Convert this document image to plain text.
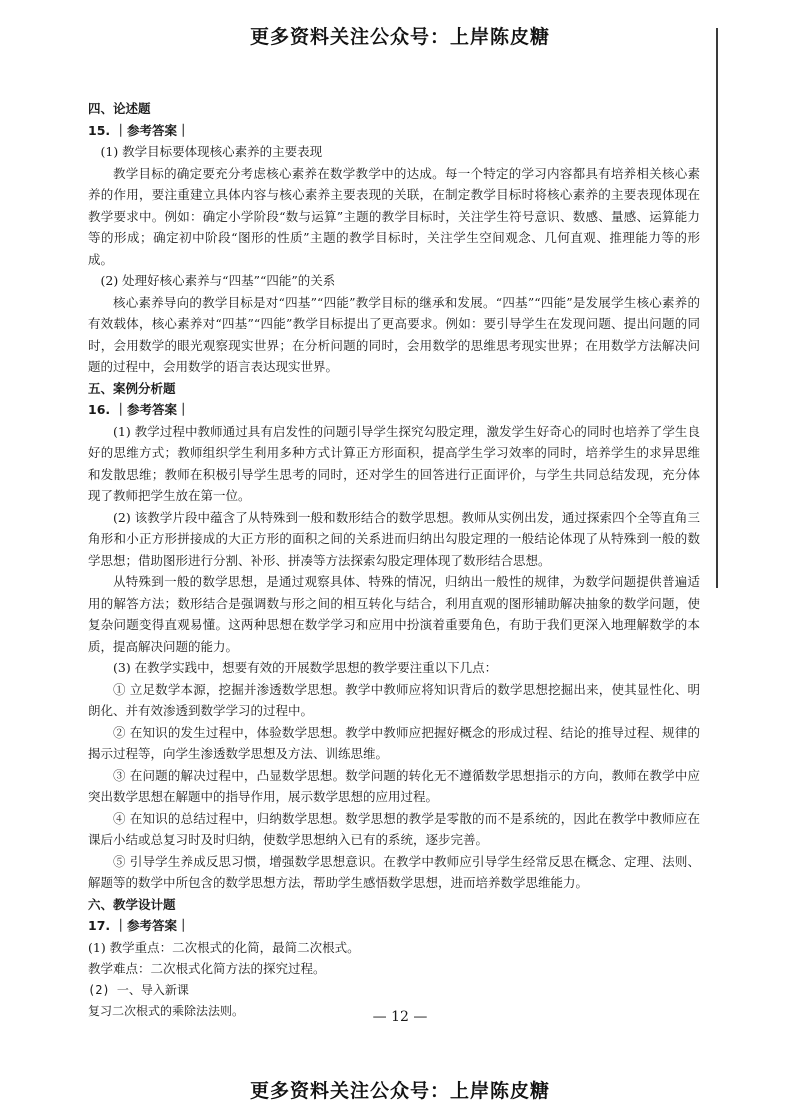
更多资料关注公众号：上岸陈皮糖

四、论述题

15. ｜参考答案｜

(1) 教学目标要体现核心素养的主要表现

教学目标的确定要充分考虑核心素养在数学教学中的达成。每一个特定的学习内容都具有培养相关核心素养的作用，要注重建立具体内容与核心素养主要表现的关联，在制定教学目标时将核心素养的主要表现体现在教学要求中。例如：确定小学阶段“数与运算”主题的教学目标时，关注学生符号意识、数感、量感、运算能力等的形成；确定初中阶段“图形的性质”主题的教学目标时，关注学生空间观念、几何直观、推理能力等的形成。

(2) 处理好核心素养与“四基”“四能”的关系

核心素养导向的教学目标是对“四基”“四能”教学目标的继承和发展。“四基”“四能”是发展学生核心素养的有效载体，核心素养对“四基”“四能”教学目标提出了更高要求。例如：要引导学生在发现问题、提出问题的同时，会用数学的眼光观察现实世界；在分析问题的同时，会用数学的思维思考现实世界；在用数学方法解决问题的过程中，会用数学的语言表达现实世界。

五、案例分析题

16. ｜参考答案｜

(1) 教学过程中教师通过具有启发性的问题引导学生探究勾股定理，激发学生好奇心的同时也培养了学生良好的思维方式；教师组织学生利用多种方式计算正方形面积，提高学生学习效率的同时，培养学生的求异思维和发散思维；教师在积极引导学生思考的同时，还对学生的回答进行正面评价，与学生共同总结发现，充分体现了教师把学生放在第一位。

(2) 该教学片段中蕴含了从特殊到一般和数形结合的数学思想。教师从实例出发，通过探索四个全等直角三角形和小正方形拼接成的大正方形的面积之间的关系进而归纳出勾股定理的一般结论体现了从特殊到一般的数学思想；借助图形进行分割、补形、拼凑等方法探索勾股定理体现了数形结合思想。

从特殊到一般的数学思想，是通过观察具体、特殊的情况，归纳出一般性的规律，为数学问题提供普遍适用的解答方法；数形结合是强调数与形之间的相互转化与结合，利用直观的图形辅助解决抽象的数学问题，使复杂问题变得直观易懂。这两种思想在数学学习和应用中扮演着重要角色，有助于我们更深入地理解数学的本质，提高解决问题的能力。

(3) 在教学实践中，想要有效的开展数学思想的教学要注重以下几点：

① 立足数学本源，挖掘并渗透数学思想。教学中教师应将知识背后的数学思想挖掘出来，使其显性化、明朗化、并有效渗透到数学学习的过程中。

② 在知识的发生过程中，体验数学思想。教学中教师应把握好概念的形成过程、结论的推导过程、规律的揭示过程等，向学生渗透数学思想及方法、训练思维。

③ 在问题的解决过程中，凸显数学思想。数学问题的转化无不遵循数学思想指示的方向，教师在教学中应突出数学思想在解题中的指导作用，展示数学思想的应用过程。

④ 在知识的总结过程中，归纳数学思想。数学思想的教学是零散的而不是系统的，因此在教学中教师应在课后小结或总复习时及时归纳，使数学思想纳入已有的系统，逐步完善。

⑤ 引导学生养成反思习惯，增强数学思想意识。在教学中教师应引导学生经常反思在概念、定理、法则、解题等的数学中所包含的数学思想方法，帮助学生感悟数学思想，进而培养数学思维能力。

六、教学设计题

17. ｜参考答案｜

(1) 教学重点：二次根式的化简，最简二次根式。

教学难点：二次根式化简方法的探究过程。

(2) 一、导入新课

复习二次根式的乘除法法则。	— 12 —
更多资料关注公众号：上岸陈皮糖
